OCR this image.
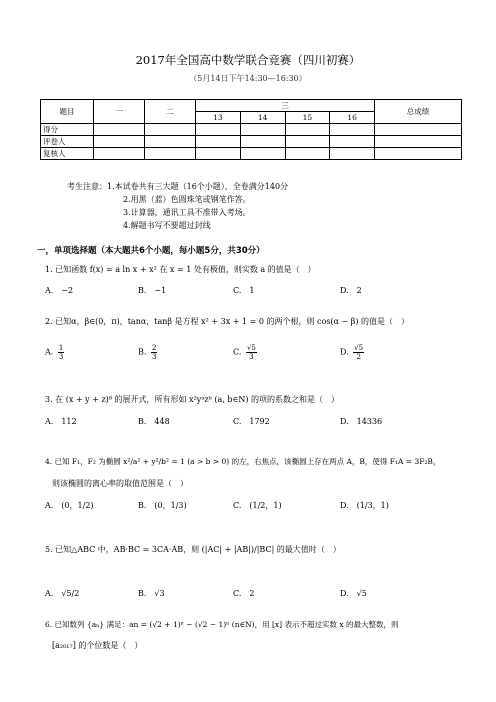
2017年全国高中数学联合竞赛（四川初赛）
（5月14日下午14:30—16:30）
题目	一	二	三				总成绩
			13	14	15	16	
得分							
评卷人							
复核人							
考生注意：1.本试卷共有三大题（16个小题），全卷满分140分
2.用黑（蓝）色圆珠笔或钢笔作答。
3.计算器，通讯工具不准带入考场。
4.解题书写不要超过封线
一，单项选择题（本大题共6个小题，每小题5分，共30分）
1. 已知函数 f(x) = a ln x + x² 在 x = 1 处有极值，则实数 a 的值是（　）
A.　−2	B.　−1	C.　1	D.　2
2. 已知α，β∈(0，π)，tanα，tanβ 是方程 x² + 3x + 1 = 0 的两个根，则 cos(α − β) 的值是（　）
A. $\frac{1}{3}$	B. $\frac{2}{3}$	C. $\frac{√5}{3}$	D. $\frac{√5}{2}$
3. 在 (x + y + z)⁸ 的展开式，所有形如 x²yᵃzᵇ (a, b∈N) 的项的系数之和是（　）
A.　112	B.　448	C.　1792	D.　14336
4. 已知 F₁，F₂ 为椭圆 x²/a² + y²/b² = 1 (a > b > 0) 的左，右焦点，该椭圆上存在两点 A，B，使得 F₁A = 3F₂B，
则该椭圆的离心率的取值范围是（　）
A.　(0，1/2)	B.　(0，1/3)	C.　(1/2，1)	D.　(1/3，1)
5. 已知△ABC 中，AB·BC = 3CA·AB，则 (|AC| + |AB|)/|BC| 的最大值时（　）
A.　√5/2	B.　√3	C.　2	D.　√5
6. 已知数列 {aₙ} 满足：an = (√2 + 1)ⁿ − (√2 − 1)ⁿ (n∈N)，用 [x] 表示不超过实数 x 的最大整数，则
[a₂₀₁₇] 的个位数是（　）
